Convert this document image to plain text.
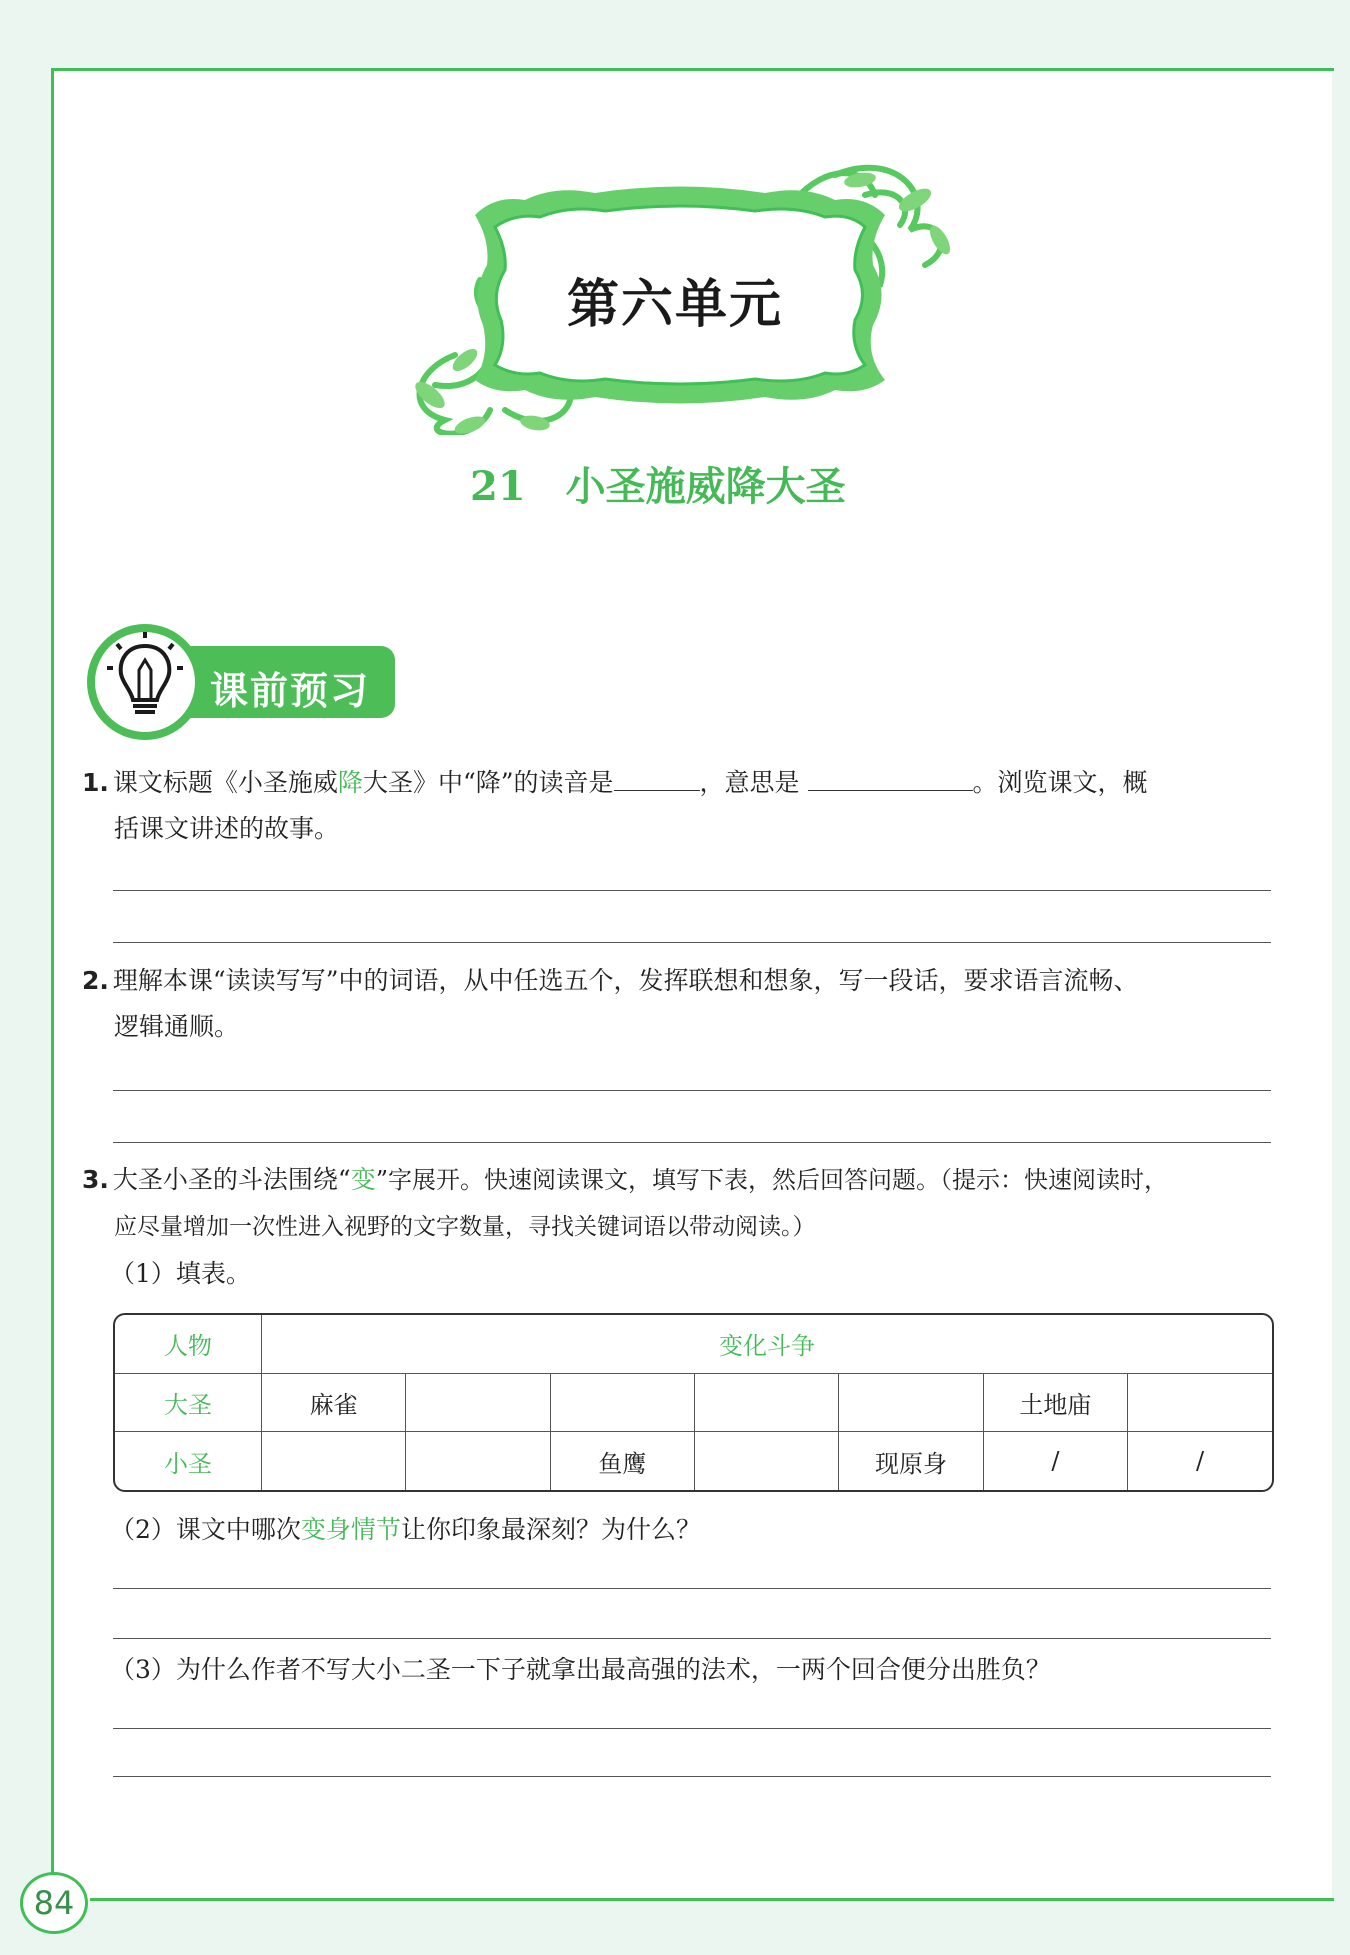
第六单元
21 小圣施威降大圣
课前预习
1. 课文标题《小圣施威降大圣》中“降”的读音是	，意思是	。浏览课文，概
括课文讲述的故事。
2. 理解本课“读读写写”中的词语，从中任选五个，发挥联想和想象，写一段话，要求语言流畅、
逻辑通顺。
3. 大圣小圣的斗法围绕“变”字展开。快速阅读课文，填写下表，然后回答问题。（提示：快速阅读时，
应尽量增加一次性进入视野的文字数量，寻找关键词语以带动阅读。）
（1）填表。
人物	变化斗争						
大圣	麻雀					土地庙	
小圣			鱼鹰		现原身	/	/
（2）课文中哪次变身情节让你印象最深刻？为什么？
（3）为什么作者不写大小二圣一下子就拿出最高强的法术，一两个回合便分出胜负？
84
